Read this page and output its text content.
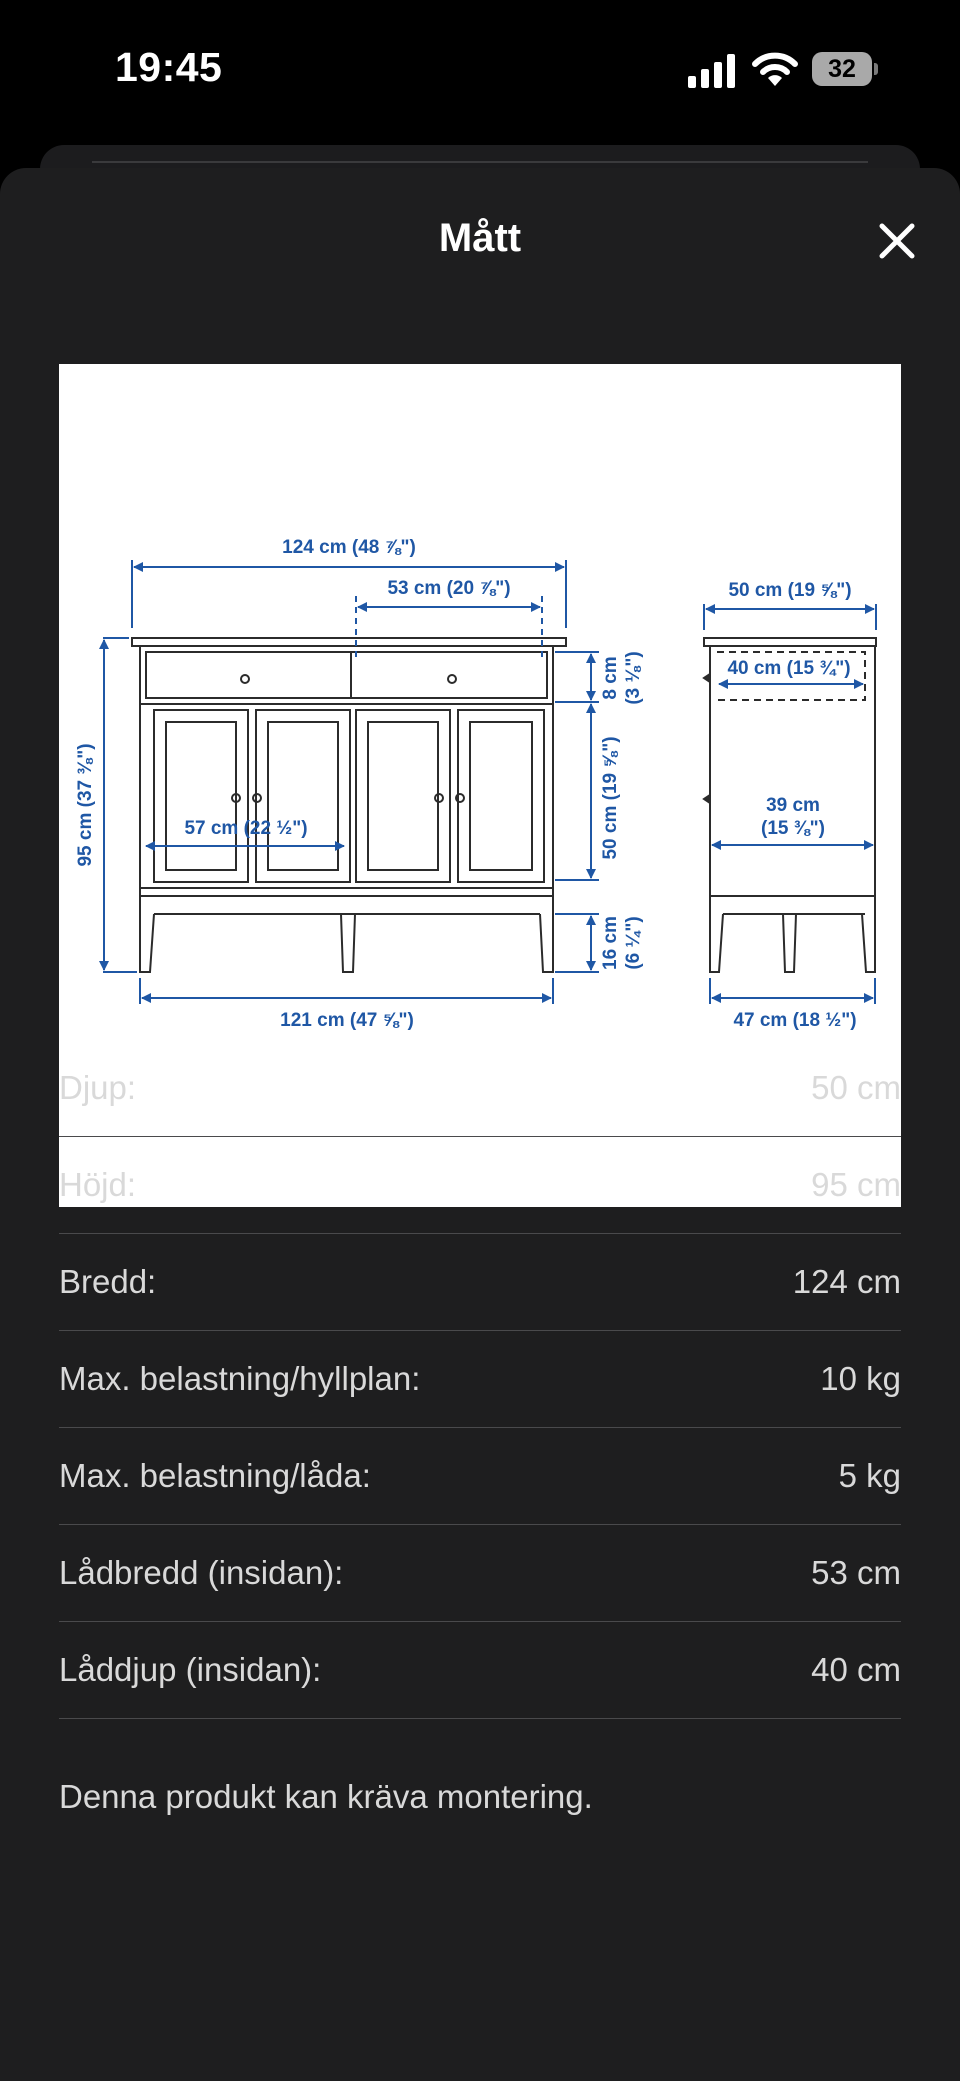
19:45	32
Mått
124 cm (48 ⅞")
53 cm (20 ⅞")
95 cm (37 ⅜")	57 cm (22 ½")
8 cm (3 ⅛")
50 cm (19 ⅝")
16 cm (6 ¼")
121 cm (47 ⅝")
50 cm (19 ⅝")
40 cm (15 ¾")
39 cm
(15 ⅜")
47 cm (18 ½")
Djup:	50 cm
Höjd:	95 cm
Bredd:	124 cm
Max. belastning/hyllplan:	10 kg
Max. belastning/låda:	5 kg
Lådbredd (insidan):	53 cm
Låddjup (insidan):	40 cm
Denna produkt kan kräva montering.
